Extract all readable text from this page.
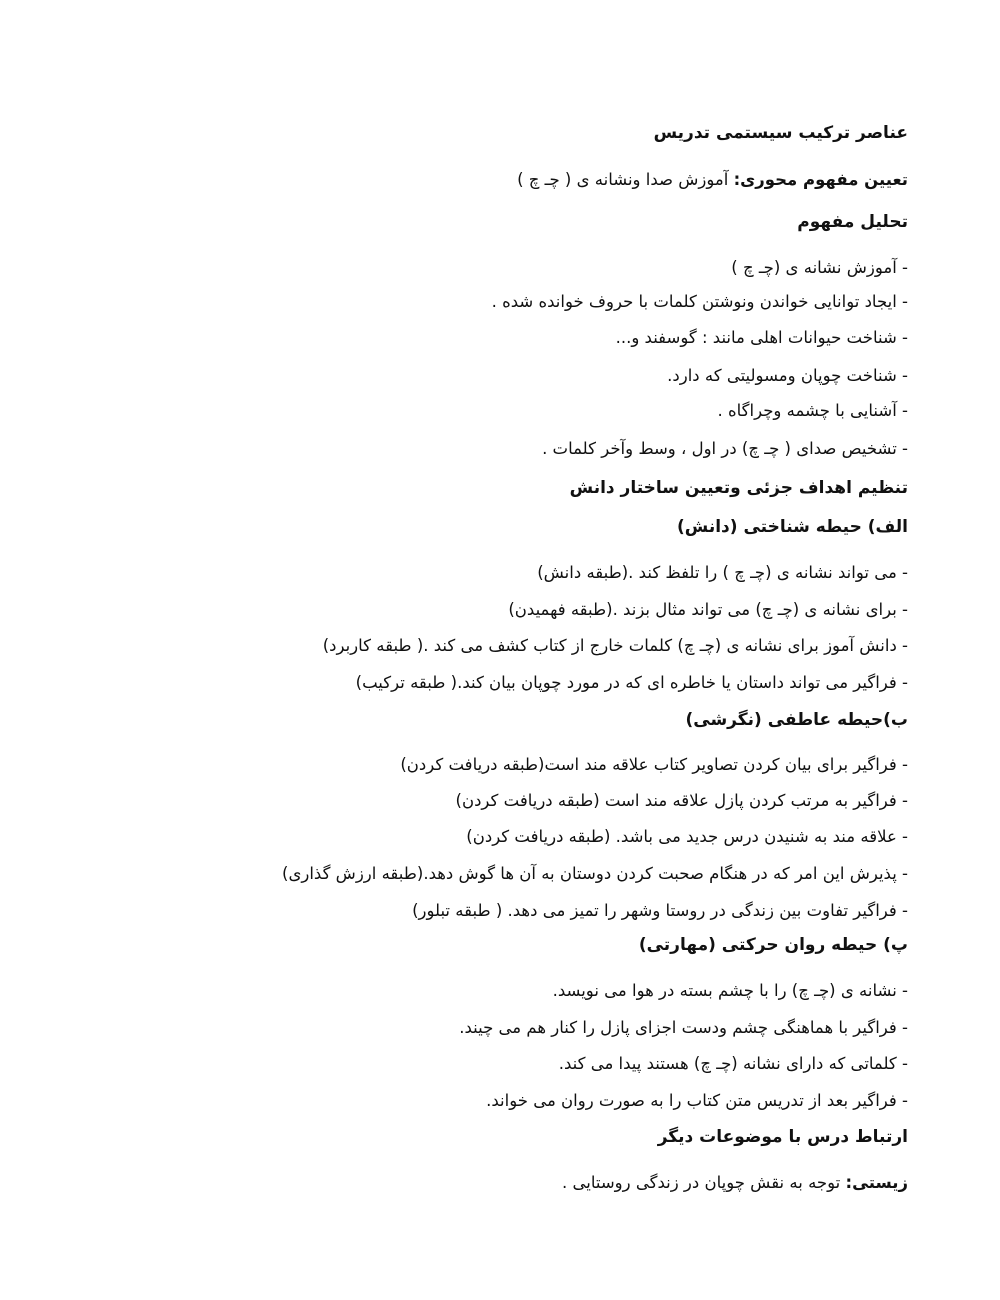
عناصر ترکیب سیستمی تدریس
تعیین مفهوم محوری: آموزش صدا ونشانه ی ( چـ چ )
تحلیل مفهوم
- آموزش نشانه ی (چـ چ )
- ایجاد توانایی خواندن ونوشتن کلمات با حروف خوانده شده .
- شناخت حیوانات اهلی مانند : گوسفند و...
- شناخت چوپان ومسولیتی که دارد.
- آشنایی با چشمه وچراگاه .
- تشخیص صدای ( چـ چ) در اول ، وسط وآخر کلمات .
تنظیم اهداف جزئی وتعیین ساختار دانش
الف) حیطه شناختی (دانش)
- می تواند نشانه ی (چـ چ ) را تلفظ کند .(طبقه دانش)
- برای نشانه ی (چـ چ) می تواند مثال بزند .(طبقه فهمیدن)
- دانش آموز برای نشانه ی (چـ چ) کلمات خارج از کتاب کشف می کند .( طبقه کاربرد)
- فراگیر می تواند داستان یا خاطره ای که در مورد چوپان بیان کند.( طبقه ترکیب)
ب)حیطه عاطفی (نگرشی)
- فراگیر برای بیان کردن تصاویر کتاب علاقه مند است(طبقه دریافت کردن)
- فراگیر به مرتب کردن پازل علاقه مند است (طبقه دریافت کردن)
- علاقه مند به شنیدن درس جدید می باشد. (طبقه دریافت کردن)
- پذیرش این امر که در هنگام صحبت کردن دوستان به آن ها گوش دهد.(طبقه ارزش گذاری)
- فراگیر تفاوت بین زندگی در روستا وشهر را تمیز می دهد. ( طبقه تبلور)
پ) حیطه روان حرکتی (مهارتی)
- نشانه ی (چـ چ) را با چشم بسته در هوا می نویسد.
- فراگیر با هماهنگی چشم ودست اجزای پازل را کنار هم می چیند.
- کلماتی که دارای نشانه (چـ چ) هستند پیدا می کند.
- فراگیر بعد از تدریس متن کتاب را به صورت روان می خواند.
ارتباط درس با موضوعات دیگر
زیستی: توجه به نقش چوپان در زندگی روستایی .
